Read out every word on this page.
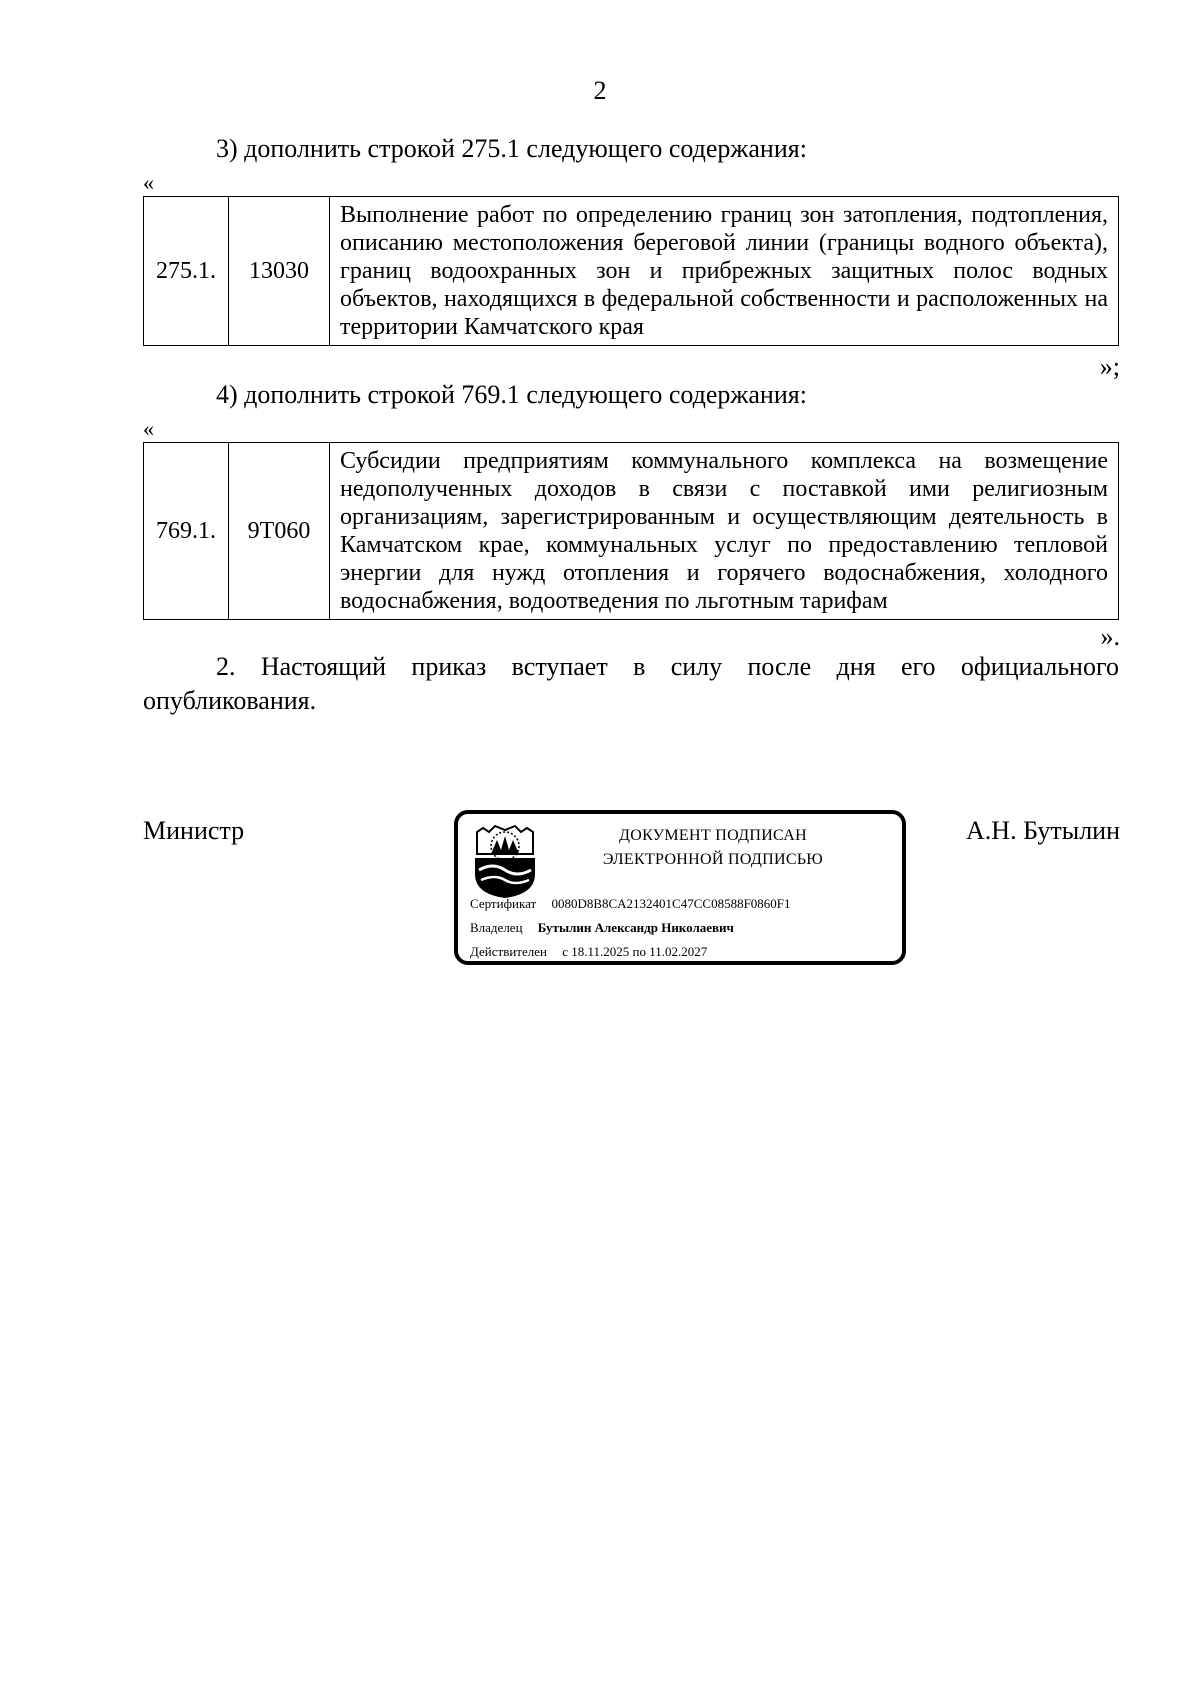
2
3) дополнить строкой 275.1 следующего содержания:
«
275.1.	13030	Выполнение работ по определению границ зон затопления, подтопления, описанию местоположения береговой линии (границы водного объекта), границ водоохранных зон и прибрежных защитных полос водных объектов, находящихся в федеральной собственности и расположенных на территории Камчатского края
»;
4) дополнить строкой 769.1 следующего содержания:
«
769.1.	9Т060	Субсидии предприятиям коммунального комплекса на возмещение недополученных доходов в связи с поставкой ими религиозным организациям, зарегистрированным и осуществляющим деятельность в Камчатском крае, коммунальных услуг по предоставлению тепловой энергии для нужд отопления и горячего водоснабжения, холодного водоснабжения, водоотведения по льготным тарифам
».
2. Настоящий приказ вступает в силу после дня его официального опубликования.
Министр	А.Н. Бутылин
ДОКУМЕНТ ПОДПИСАН
ЭЛЕКТРОННОЙ ПОДПИСЬЮ
Сертификат 0080D8B8CA2132401C47CC08588F0860F1
Владелец Бутылин Александр Николаевич
Действителен с 18.11.2025 по 11.02.2027
